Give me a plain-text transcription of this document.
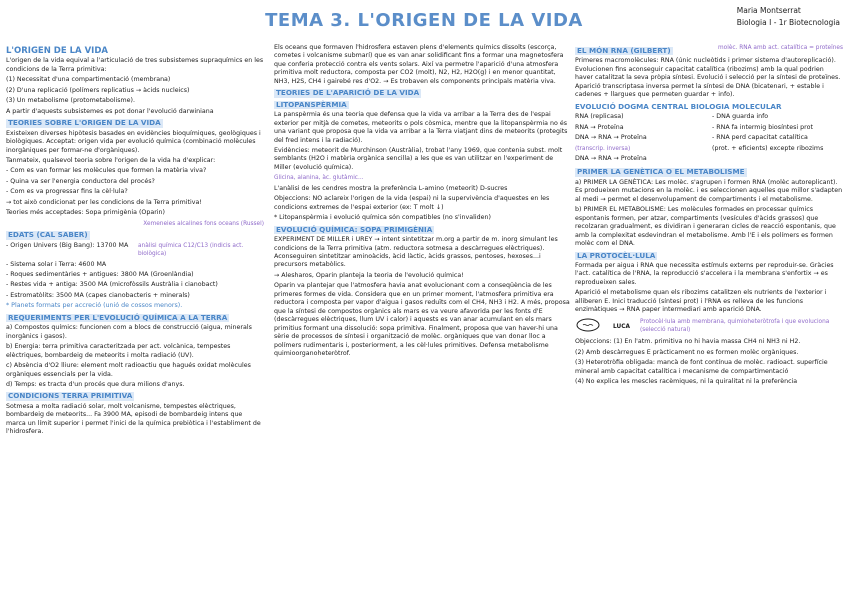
TEMA 3. L'ORIGEN DE LA VIDA	Maria Montserrat
Biologia I - 1r Biotecnologia
L'ORIGEN DE LA VIDA

L'origen de la vida equival a l'articulació de tres subsistemes supraquímics en les condicions de la Terra primitiva:

(1) Necessitat d'una compartimentació (membrana)

(2) D'una replicació (polímers replicatius → àcids nucleics)

(3) Un metabolisme (protometabolisme).

A partir d'aquests subsistemes es pot donar l'evolució darwiniana

TEORIES SOBRE L'ORIGEN DE LA VIDA

Existeixen diverses hipòtesis basades en evidències bioquímiques, geològiques i biològiques. Acceptat: origen vida per evolució química (combinació molècules inorgàniques per formar-ne d'orgàniques).

Tanmateix, qualsevol teoria sobre l'origen de la vida ha d'explicar:

- Com es van formar les molècules que formen la matèria viva?

- Quina va ser l'energia conductora del procés?

- Com es va progressar fins la cèl·lula?

→ tot això condicionat per les condicions de la Terra primitiva!

Teories més acceptades: Sopa primigènia (Oparin)

Xemeneies alcalines fons oceans (Russel)

EDATS (CAL SABER)

- Origen Univers (Big Bang): 13700 MA	anàlisi química C12/C13 (indicis act. biològica)

- Sistema solar i Terra: 4600 MA

- Roques sedimentàries + antigues: 3800 MA (Groenlàndia)

- Restes vida + antiga: 3500 MA (microfòssils Austràlia i cianobact)

- Estromatòlits: 3500 MA (capes cianobacteris + minerals)

* Planets formats per accreció (unió de cossos menors).

REQUERIMENTS PER L'EVOLUCIÓ QUÍMICA A LA TERRA

a) Compostos químics: funcionen com a blocs de construcció (aigua, minerals inorgànics i gasos).

b) Energia: terra primitiva caracteritzada per act. volcànica, tempestes elèctriques, bombardeig de meteorits i molta radiació (UV).

c) Absència d'O2 lliure: element molt radioactiu que hagués oxidat molècules orgàniques essencials per la vida.

d) Temps: es tracta d'un procés que dura milions d'anys.

CONDICIONS TERRA PRIMITIVA

Sotmesa a molta radiació solar, molt volcanisme, tempestes elèctriques, bombardeig de meteorits... Fa 3900 MA, episodi de bombardeig intens que marca un límit superior i permet l'inici de la química prebiòtica i l'establiment de l'hidrosfera.

Els oceans que formaven l'hidrosfera estaven plens d'elements químics dissolts (escorça, cometes i volcanisme submarí) que es van anar solidificant fins a formar una magnetosfera que conferia protecció contra els vents solars. Així va permetre l'aparició d'una atmosfera primitiva molt reductora, composta per CO2 (molt), N2, H2, H2O(g) i en menor quantitat, NH3, H2S, CH4 i gairebé res d'O2. → Es trobaven els components principals matèria viva.

TEORIES DE L'APARICIÓ DE LA VIDA
LITOPANSPÈRMIA

La panspèrmia és una teoria que defensa que la vida va arribar a la Terra des de l'espai exterior per mitjà de cometes, meteorits o pols còsmica, mentre que la litopanspèrmia no és una variant que proposa que la vida va arribar a la Terra viatjant dins de meteorits (protegits del fred intens i la radiació).

Evidències: meteorit de Murchinson (Austràlia), trobat l'any 1969, que contenia subst. molt semblants (H2O i matèria orgànica sencilla) a les que es van utilitzar en l'experiment de Miller (evolució química).

Glicina, alanina, àc. glutàmic...

L'anàlisi de les cendres mostra la preferència L-amino (meteorit) D-sucres

Objeccions: NO aclareix l'origen de la vida (espai) ni la supervivència d'aquestes en les condicions extremes de l'espai exterior (ex: T molt ↓)

* Litopanspèrmia i evolució química són compatibles (no s'invaliden)

EVOLUCIÓ QUÍMICA: SOPA PRIMIGÈNIA

EXPERIMENT DE MILLER i UREY → intent sintetitzar m.org a partir de m. inorg simulant les condicions de la Terra primitiva (atm. reductora sotmesa a descàrregues elèctriques). Aconseguiren sintetitzar aminoàcids, àcid làctic, àcids grassos, pentoses, hexoses...i precursors metabòlics.

→ Alesharos, Oparin planteja la teoria de l'evolució química!

Oparin va plantejar que l'atmosfera havia anat evolucionant com a conseqüència de les primeres formes de vida. Considera que en un primer moment, l'atmosfera primitiva era reductora i composta per vapor d'aigua i gasos reduïts com el CH4, NH3 i H2. A més, proposa que la síntesi de compostos orgànics als mars es va veure afavorida per les fonts d'E (descàrregues elèctriques, llum UV i calor) i aquests es van anar acumulant en els mars primitius formant una dissolució: sopa primitiva. Finalment, proposa que van haver-hi una sèrie de processos de síntesi i organització de molèc. orgàniques que van donar lloc a polímers rudimentaris i, posteriorment, a les cèl·lules primitives. Defensa metabolisme quimioorganoheteròtrof.

EL MÓN RNA (GILBERT)	molèc. RNA amb act. catalítica = proteïnes

Primeres macromolècules: RNA (únic nucleòtids i primer sistema d'autoreplicació). Evolucionen fins aconseguir capacitat catalítica (ribozims) amb la qual podrien haver catalitzat la seva pròpia síntesi. Evolució i selecció per la síntesi de proteïnes. Aparició transcriptasa inversa permet la síntesi de DNA (bicatenari, + estable i cadenes + llargues que permeten guardar + info).

EVOLUCIÓ DOGMA CENTRAL BIOLOGIA MOLECULAR

RNA (replicasa)

RNA → Proteïna

DNA → RNA → Proteïna

(transcrip. inversa)

DNA → RNA → Proteïna

- DNA guarda info

- RNA fa intermig biosíntesi prot

- RNA perd capacitat catalítica

(prot. + eficients) excepte ribozims

PRIMER LA GENÈTICA O EL METABOLISME

a) PRIMER LA GENÈTICA: Les molèc. s'agrupen i formen RNA (molèc autoreplicant). Es produeixen mutacions en la molèc. i es seleccionen aquelles que millor s'adapten al medi → permet el desenvolupament de compartiments i el metabolisme.

b) PRIMER EL METABOLISME: Les molècules formades en processar químics espontanis formen, per atzar, compartiments (vesícules d'àcids grassos) que recolzaran gradualment, es dividiran i generaran cicles de reacció espontanis, que amb la complexitat esdevindran el metabolisme. Amb l'E i els polímers es formen molèc com el DNA.

LA PROTOCÈL·LULA

Formada per aigua i RNA que necessita estímuls externs per reproduir-se. Gràcies l'act. catalítica de l'RNA, la reproducció s'accelera i la membrana s'enfortix → es reprodueixen sales.

Aparició el metabolisme quan els ribozims catalitzen els nutrients de l'exterior i alliberen E. Inici traducció (síntesi prot) i l'RNA es relleva de les funcions enzimàtiques → RNA paper intermediari amb aparició DNA.

LUCA

Protocèl·lula amb membrana, quimioheteròtrofa i que evoluciona (selecció natural)

Objeccions: (1) En l'atm. primitiva no hi havia massa CH4 ni NH3 ni H2.

(2) Amb descàrregues E pràcticament no es formen molèc orgàniques.

(3) Heterotròfia obligada: mancà de font contínua de molèc. radioact. superfície mineral amb capacitat catalítica i mecanisme de compartimentació

(4) No explica les mescles racèmiques, ni la quiralitat ni la preferència
